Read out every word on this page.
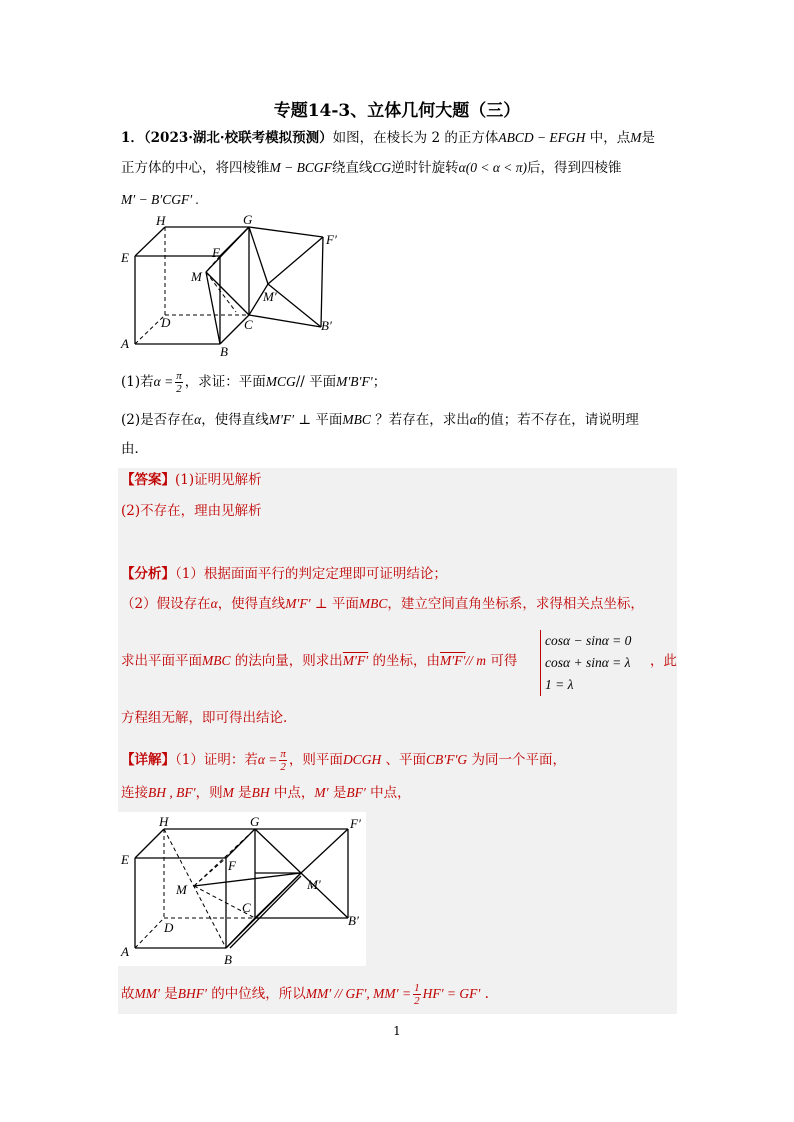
专题14-3、立体几何大题（三）
1．（2023·湖北·校联考模拟预测）如图，在棱长为 2 的正方体ABCD − EFGH 中，点M是
正方体的中心，将四棱锥M − BCGF绕直线CG逆时针旋转α(0 < α < π)后，得到四棱锥
M′ − B′CGF′ .
H	G
F′
E	F
M
M′
D	C	B′
A
B
(1)若$\alpha = \frac{\pi}{2}$ ，求证：平面MCG// 平面M′B′F′；
(2)是否存在α，使得直线M′F′ ⊥ 平面MBC ？若存在，求出α的值；若不存在，请说明理
由．
【答案】(1)证明见解析
(2)不存在，理由见解析
【分析】（1）根据面面平行的判定定理即可证明结论；
（2）假设存在α，使得直线M′F′ ⊥ 平面MBC，建立空间直角坐标系，求得相关点坐标，
求出平面平面MBC 的法向量，则求出M′F′ 的坐标，由M′F′// m 可得	，此
cosα − sinα = 0
cosα + sinα = λ
1 = λ
方程组无解，即可得出结论.
【详解】（1）证明：若$\alpha = \frac{\pi}{2}$ ，则平面DCGH 、平面CB′F′G 为同一个平面，
连接BH , BF′，则M 是BH 中点，M′ 是BF′ 中点，
H	G	F′
E	F
M	M′
C
D	B′
A
B
故MM′ 是BHF′ 的中位线，所以MM′ // GF′, $MM' = \frac{1}{2} HF' = GF'$ .
1
